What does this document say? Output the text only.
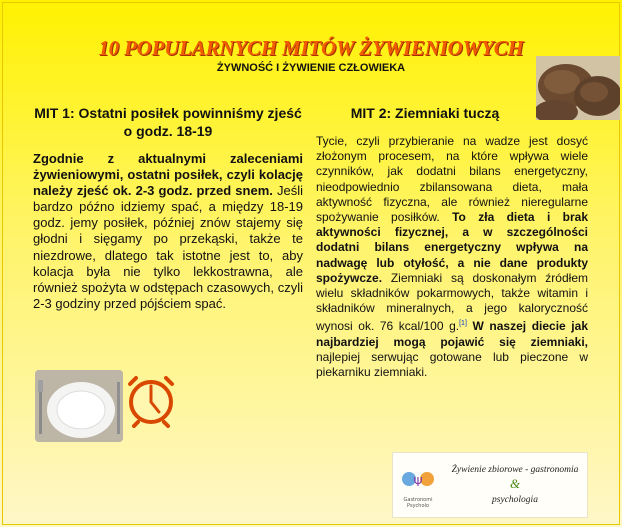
10 POPULARNYCH MITÓW ŻYWIENIOWYCH
ŻYWNOŚĆ I ŻYWIENIE CZŁOWIEKA
MIT 1: Ostatni posiłek powinniśmy zjeść o godz. 18-19
MIT 2: Ziemniaki tuczą
Zgodnie z aktualnymi zaleceniami żywieniowymi, ostatni posiłek, czyli kolację należy zjeść ok. 2-3 godz. przed snem. Jeśli bardzo późno idziemy spać, a między 18-19 godz. jemy posiłek, później znów stajemy się głodni i sięgamy po przekąski, także te niezdrowe, dlatego tak istotne jest to, aby kolacja była nie tylko lekkostrawna, ale również spożyta w odstępach czasowych, czyli 2-3 godziny przed pójściem spać.
Tycie, czyli przybieranie na wadze jest dosyć złożonym procesem, na które wpływa wiele czynników, jak dodatni bilans energetyczny, nieodpowiednio zbilansowana dieta, mała aktywność fizyczna, ale również nieregularne spożywanie posiłków. To zła dieta i brak aktywności fizycznej, a w szczególności dodatni bilans energetyczny wpływa na nadwagę lub otyłość, a nie dane produkty spożywcze. Ziemniaki są doskonałym źródłem wielu składników pokarmowych, także witamin i składników mineralnych, a jego kaloryczność wynosi ok. 76 kcal/100 g.[1] W naszej diecie jak najbardziej mogą pojawić się ziemniaki, najlepiej serwując gotowane lub pieczone w piekarniku ziemniaki.
Ψ
Gastronomi
Psycholo
Żywienie zbiorowe - gastronomia
&
psychologia
